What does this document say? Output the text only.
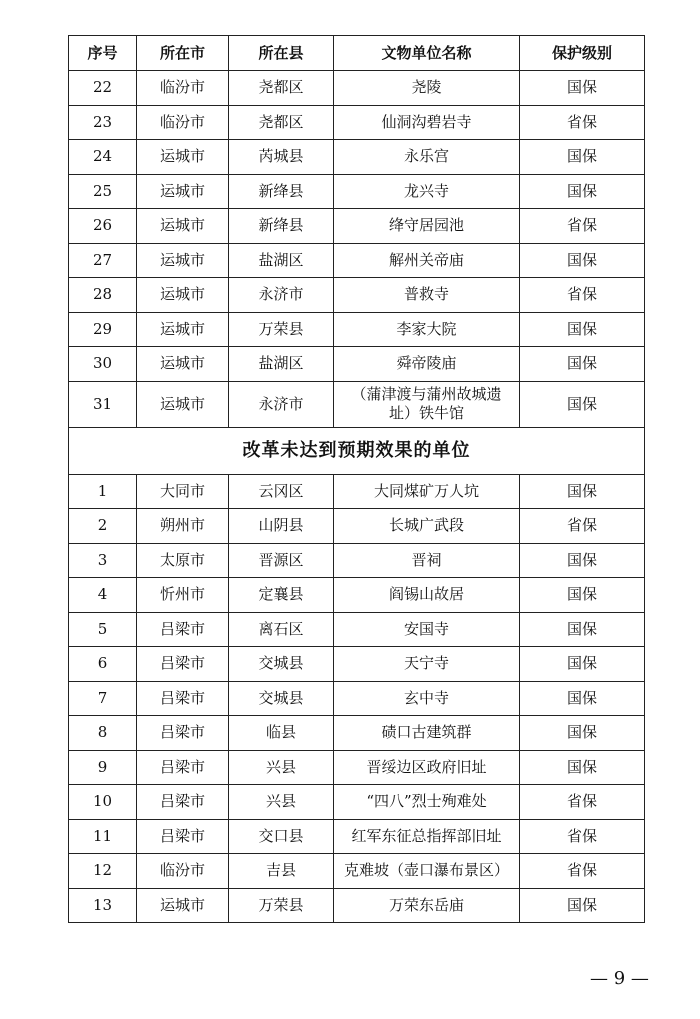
序号	所在市	所在县	文物单位名称	保护级别
22	临汾市	尧都区	尧陵	国保
23	临汾市	尧都区	仙洞沟碧岩寺	省保
24	运城市	芮城县	永乐宫	国保
25	运城市	新绛县	龙兴寺	国保
26	运城市	新绛县	绛守居园池	省保
27	运城市	盐湖区	解州关帝庙	国保
28	运城市	永济市	普救寺	省保
29	运城市	万荣县	李家大院	国保
30	运城市	盐湖区	舜帝陵庙	国保
31	运城市	永济市	（蒲津渡与蒲州故城遗址）铁牛馆	国保
改革未达到预期效果的单位				
1	大同市	云冈区	大同煤矿万人坑	国保
2	朔州市	山阴县	长城广武段	省保
3	太原市	晋源区	晋祠	国保
4	忻州市	定襄县	阎锡山故居	国保
5	吕梁市	离石区	安国寺	国保
6	吕梁市	交城县	天宁寺	国保
7	吕梁市	交城县	玄中寺	国保
8	吕梁市	临县	碛口古建筑群	国保
9	吕梁市	兴县	晋绥边区政府旧址	国保
10	吕梁市	兴县	“四八”烈士殉难处	省保
11	吕梁市	交口县	红军东征总指挥部旧址	省保
12	临汾市	吉县	克难坡（壶口瀑布景区）	省保
13	运城市	万荣县	万荣东岳庙	国保
— 9 —
